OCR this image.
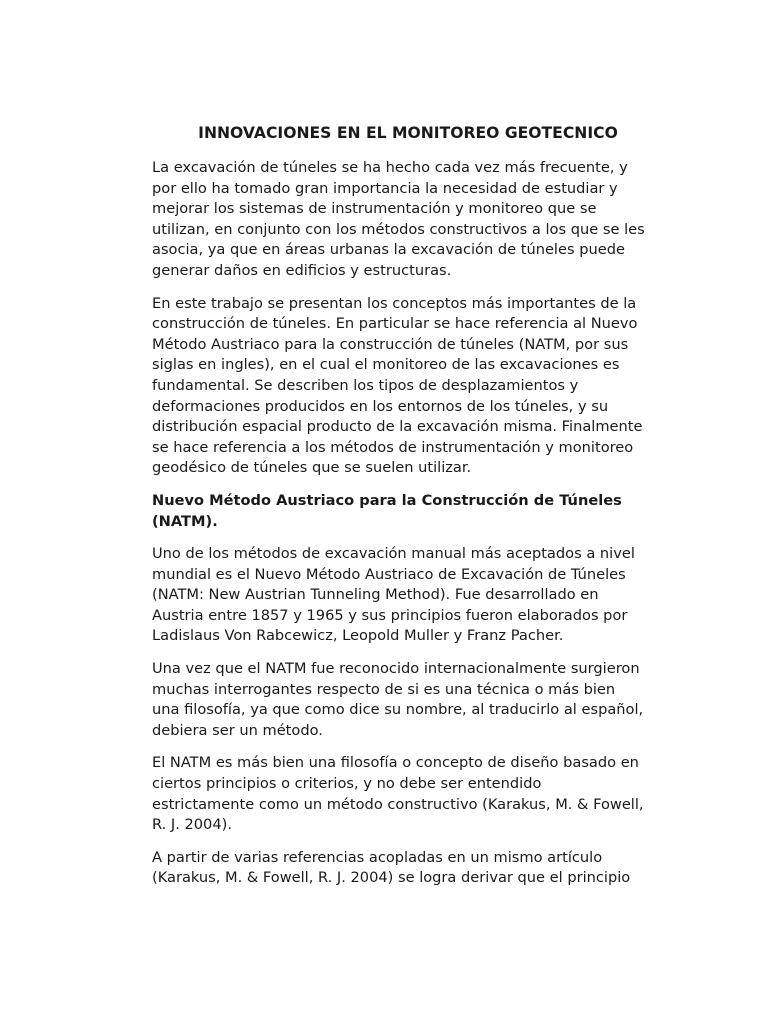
INNOVACIONES EN EL MONITOREO GEOTECNICO
La excavación de túneles se ha hecho cada vez más frecuente, y
por ello ha tomado gran importancia la necesidad de estudiar y
mejorar los sistemas de instrumentación y monitoreo que se
utilizan, en conjunto con los métodos constructivos a los que se les
asocia, ya que en áreas urbanas la excavación de túneles puede
generar daños en edificios y estructuras.
En este trabajo se presentan los conceptos más importantes de la
construcción de túneles. En particular se hace referencia al Nuevo
Método Austriaco para la construcción de túneles (NATM, por sus
siglas en ingles), en el cual el monitoreo de las excavaciones es
fundamental. Se describen los tipos de desplazamientos y
deformaciones producidos en los entornos de los túneles, y su
distribución espacial producto de la excavación misma. Finalmente
se hace referencia a los métodos de instrumentación y monitoreo
geodésico de túneles que se suelen utilizar.
Nuevo Método Austriaco para la Construcción de Túneles
(NATM).
Uno de los métodos de excavación manual más aceptados a nivel
mundial es el Nuevo Método Austriaco de Excavación de Túneles
(NATM: New Austrian Tunneling Method). Fue desarrollado en
Austria entre 1857 y 1965 y sus principios fueron elaborados por
Ladislaus Von Rabcewicz, Leopold Muller y Franz Pacher.
Una vez que el NATM fue reconocido internacionalmente surgieron
muchas interrogantes respecto de si es una técnica o más bien
una filosofía, ya que como dice su nombre, al traducirlo al español,
debiera ser un método.
El NATM es más bien una filosofía o concepto de diseño basado en
ciertos principios o criterios, y no debe ser entendido
estrictamente como un método constructivo (Karakus, M. & Fowell,
R. J. 2004).
A partir de varias referencias acopladas en un mismo artículo
(Karakus, M. & Fowell, R. J. 2004) se logra derivar que el principio
